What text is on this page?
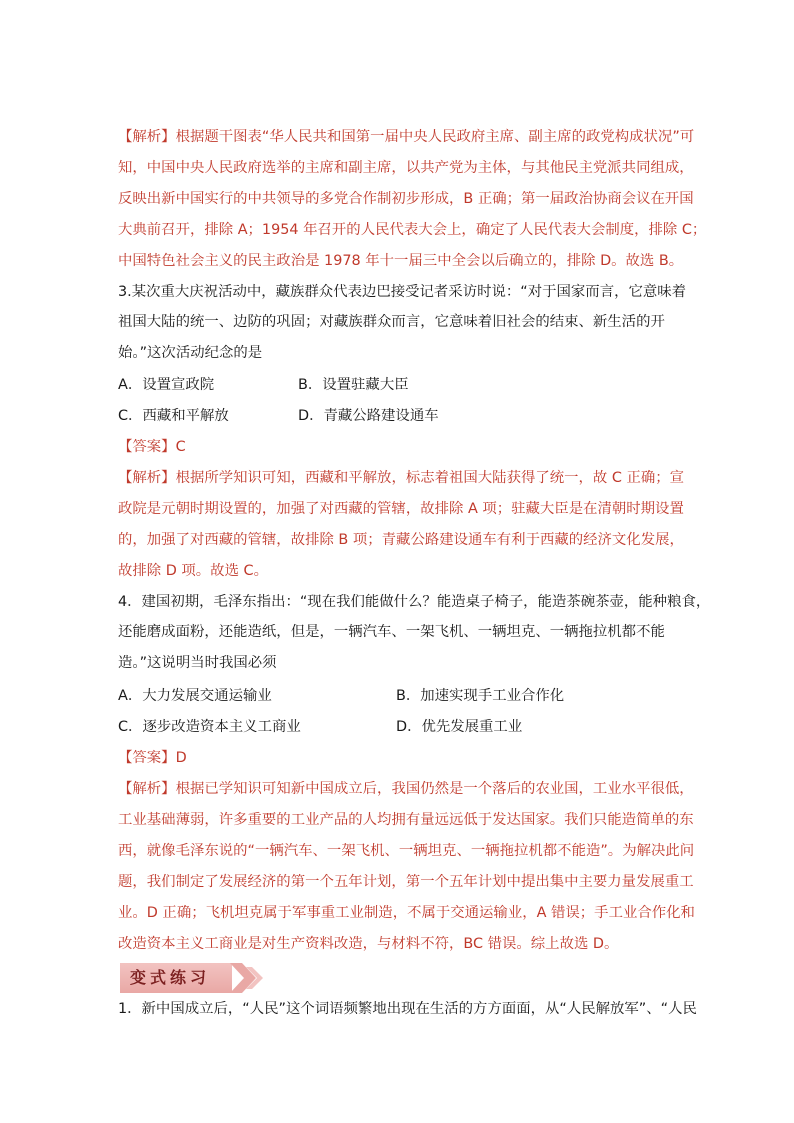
【解析】根据题干图表“华人民共和国第一届中央人民政府主席、副主席的政党构成状况”可
知，中国中央人民政府选举的主席和副主席，以共产党为主体，与其他民主党派共同组成，
反映出新中国实行的中共领导的多党合作制初步形成，B 正确；第一届政治协商会议在开国
大典前召开，排除 A；1954 年召开的人民代表大会上，确定了人民代表大会制度，排除 C；
中国特色社会主义的民主政治是 1978 年十一届三中全会以后确立的，排除 D。故选 B。
3.某次重大庆祝活动中，藏族群众代表边巴接受记者采访时说：“对于国家而言，它意味着
祖国大陆的统一、边防的巩固；对藏族群众而言，它意味着旧社会的结束、新生活的开
始。”这次活动纪念的是
A．设置宣政院	B．设置驻藏大臣
C．西藏和平解放	D．青藏公路建设通车
【答案】C
【解析】根据所学知识可知，西藏和平解放，标志着祖国大陆获得了统一，故 C 正确；宣
政院是元朝时期设置的，加强了对西藏的管辖，故排除 A 项；驻藏大臣是在清朝时期设置
的，加强了对西藏的管辖，故排除 B 项；青藏公路建设通车有利于西藏的经济文化发展，
故排除 D 项。故选 C。
4．建国初期，毛泽东指出：“现在我们能做什么？能造桌子椅子，能造茶碗茶壶，能种粮食，
还能磨成面粉，还能造纸，但是，一辆汽车、一架飞机、一辆坦克、一辆拖拉机都不能
造。”这说明当时我国必须
A．大力发展交通运输业	B．加速实现手工业合作化
C．逐步改造资本主义工商业	D．优先发展重工业
【答案】D
【解析】根据已学知识可知新中国成立后，我国仍然是一个落后的农业国，工业水平很低，
工业基础薄弱，许多重要的工业产品的人均拥有量远远低于发达国家。我们只能造简单的东
西，就像毛泽东说的“一辆汽车、一架飞机、一辆坦克、一辆拖拉机都不能造”。为解决此问
题，我们制定了发展经济的第一个五年计划，第一个五年计划中提出集中主要力量发展重工
业。D 正确；飞机坦克属于军事重工业制造，不属于交通运输业，A 错误；手工业合作化和
改造资本主义工商业是对生产资料改造，与材料不符，BC 错误。综上故选 D。
变式练习
1．新中国成立后，“人民”这个词语频繁地出现在生活的方方面面，从“人民解放军”、“人民
